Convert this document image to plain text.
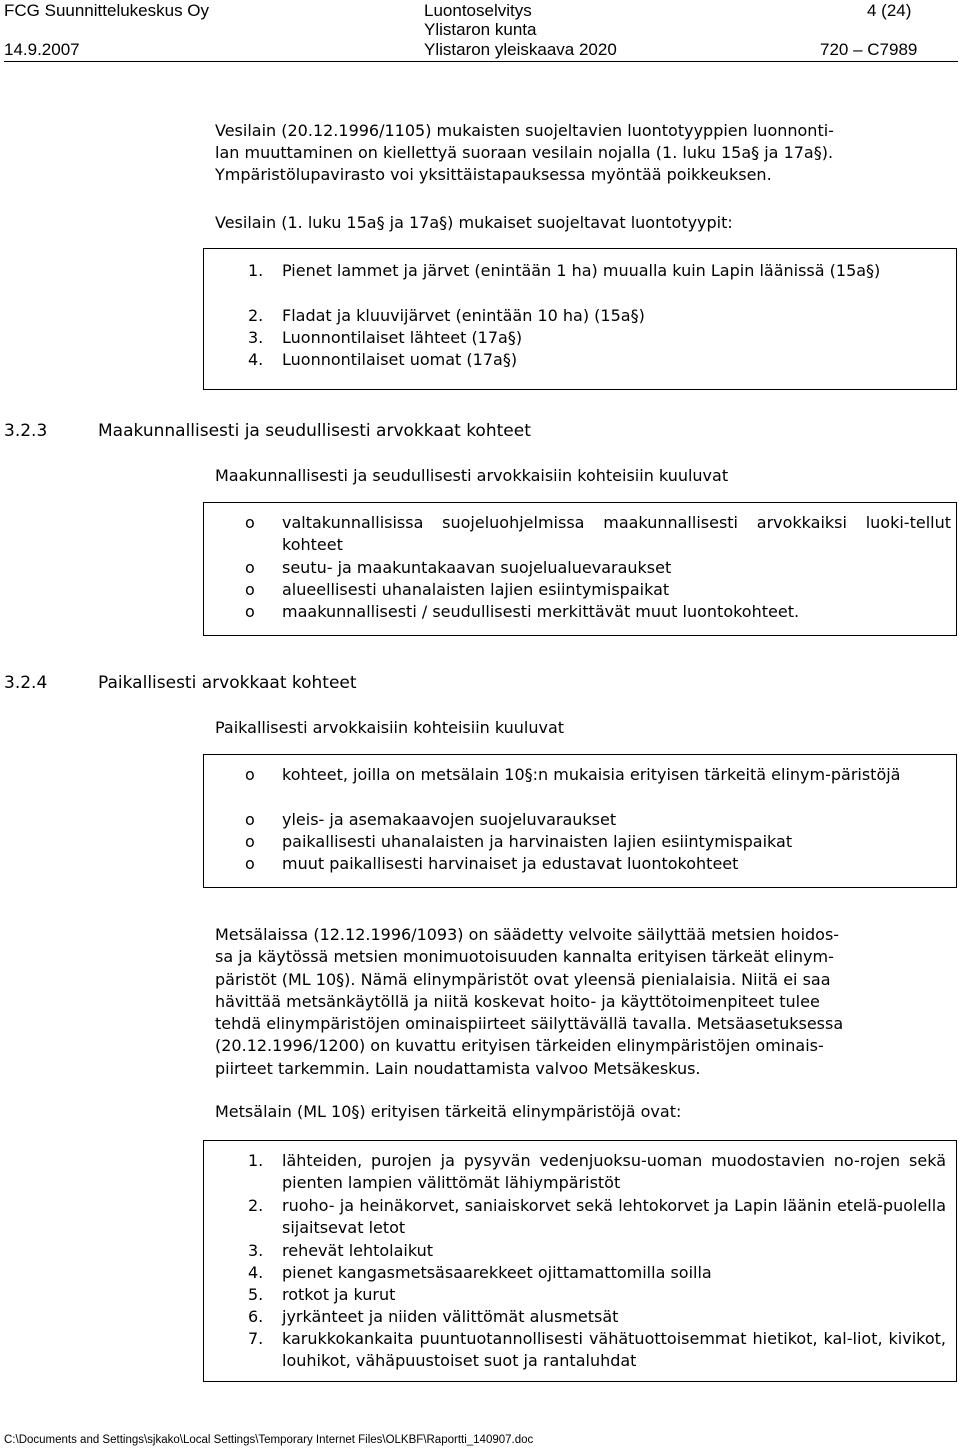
FCG Suunnittelukeskus Oy	Luontoselvitys	4 (24)
Ylistaron kunta
14.9.2007	Ylistaron yleiskaava 2020	720 – C7989
Vesilain (20.12.1996/1105) mukaisten suojeltavien luontotyyppien luonnonti-
lan muuttaminen on kiellettyä suoraan vesilain nojalla (1. luku 15a§ ja 17a§).
Ympäristölupavirasto voi yksittäistapauksessa myöntää poikkeuksen.
Vesilain (1. luku 15a§ ja 17a§) mukaiset suojeltavat luontotyypit:
1. Pienet lammet ja järvet (enintään 1 ha) muualla kuin Lapin läänissä (15a§)
2. Fladat ja kluuvijärvet (enintään 10 ha) (15a§)
3. Luonnontilaiset lähteet (17a§)
4. Luonnontilaiset uomat (17a§)
3.2.3	Maakunnallisesti ja seudullisesti arvokkaat kohteet
Maakunnallisesti ja seudullisesti arvokkaisiin kohteisiin kuuluvat
o valtakunnallisissa suojeluohjelmissa maakunnallisesti arvokkaiksi luoki-tellut kohteet
o seutu- ja maakuntakaavan suojelualuevaraukset
o alueellisesti uhanalaisten lajien esiintymispaikat
o maakunnallisesti / seudullisesti merkittävät muut luontokohteet.
3.2.4	Paikallisesti arvokkaat kohteet
Paikallisesti arvokkaisiin kohteisiin kuuluvat
o kohteet, joilla on metsälain 10§:n mukaisia erityisen tärkeitä elinym-päristöjä
o yleis- ja asemakaavojen suojeluvaraukset
o paikallisesti uhanalaisten ja harvinaisten lajien esiintymispaikat
o muut paikallisesti harvinaiset ja edustavat luontokohteet
Metsälaissa (12.12.1996/1093) on säädetty velvoite säilyttää metsien hoidos-
sa ja käytössä metsien monimuotoisuuden kannalta erityisen tärkeät elinym-
päristöt (ML 10§). Nämä elinympäristöt ovat yleensä pienialaisia. Niitä ei saa
hävittää metsänkäytöllä ja niitä koskevat hoito- ja käyttötoimenpiteet tulee
tehdä elinympäristöjen ominaispiirteet säilyttävällä tavalla. Metsäasetuksessa
(20.12.1996/1200) on kuvattu erityisen tärkeiden elinympäristöjen ominais-
piirteet tarkemmin. Lain noudattamista valvoo Metsäkeskus.
Metsälain (ML 10§) erityisen tärkeitä elinympäristöjä ovat:
1. lähteiden, purojen ja pysyvän vedenjuoksu-uoman muodostavien no-rojen sekä pienten lampien välittömät lähiympäristöt
2. ruoho- ja heinäkorvet, saniaiskorvet sekä lehtokorvet ja Lapin läänin etelä-puolella sijaitsevat letot
3. rehevät lehtolaikut
4. pienet kangasmetsäsaarekkeet ojittamattomilla soilla
5. rotkot ja kurut
6. jyrkänteet ja niiden välittömät alusmetsät
7. karukkokankaita puuntuotannollisesti vähätuottoisemmat hietikot, kal-liot, kivikot, louhikot, vähäpuustoiset suot ja rantaluhdat
C:\Documents and Settings\sjkako\Local Settings\Temporary Internet Files\OLKBF\Raportti_140907.doc
